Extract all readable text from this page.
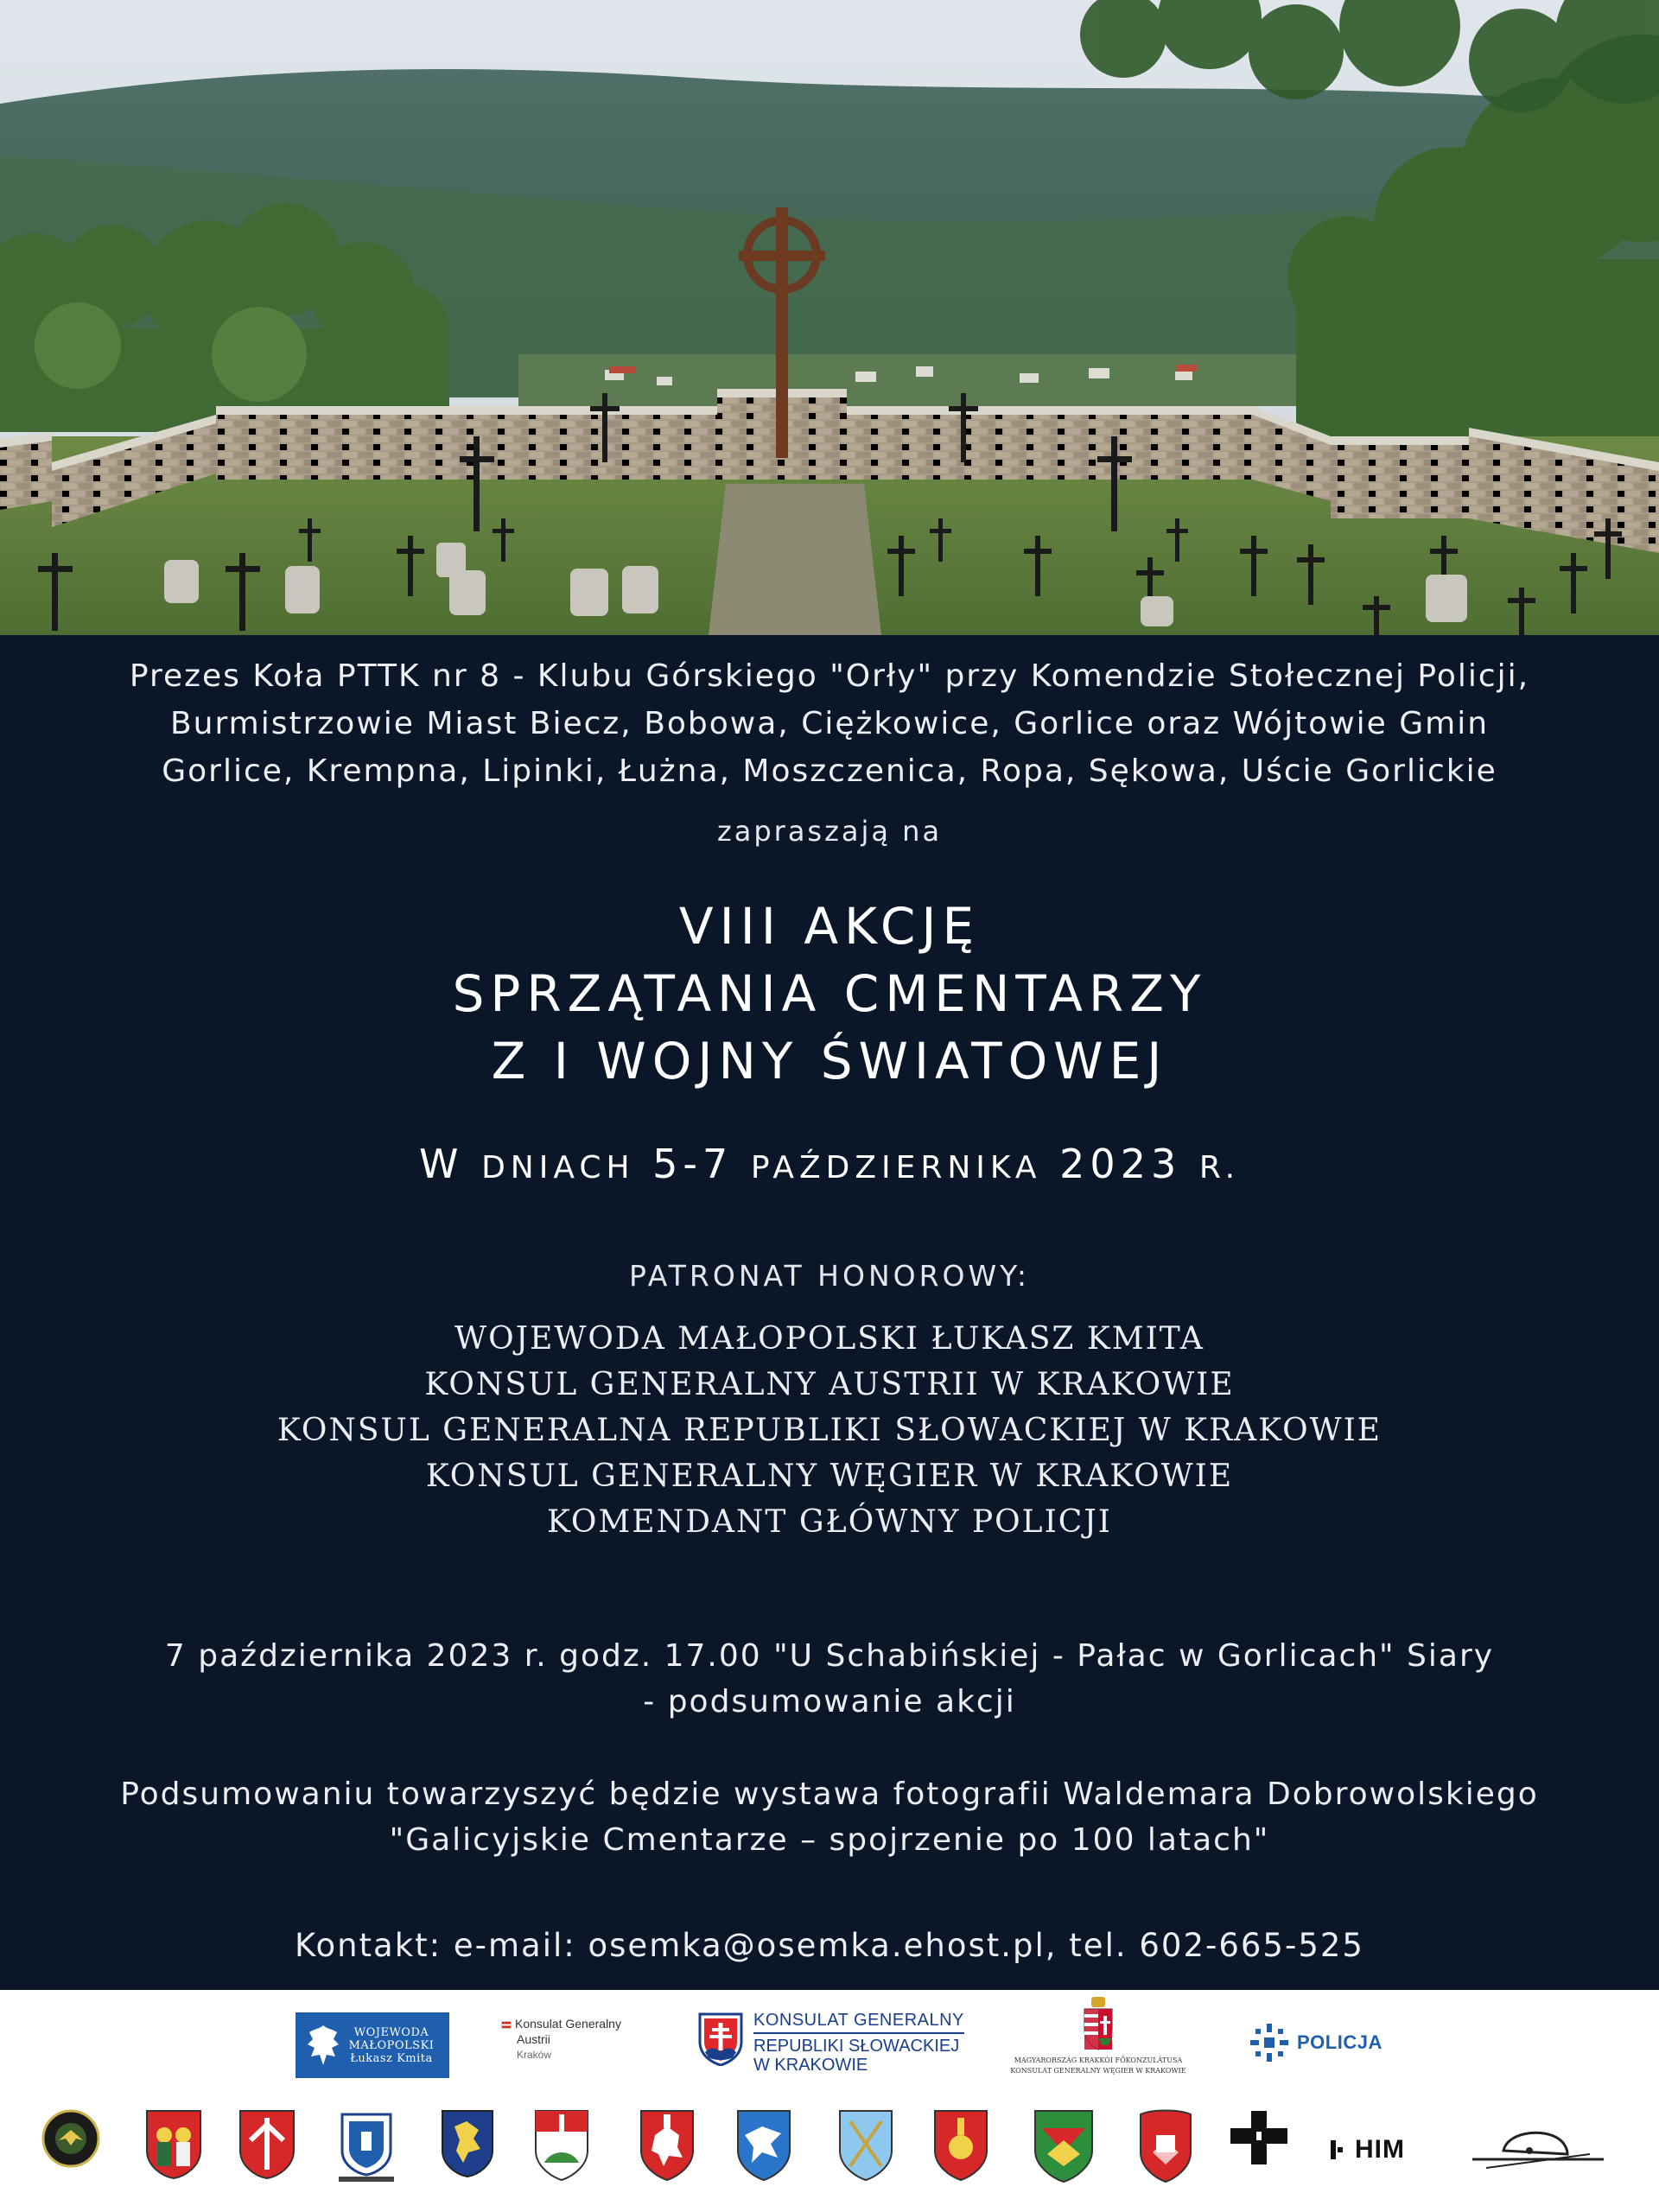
Prezes Koła PTTK nr 8 - Klubu Górskiego "Orły" przy Komendzie Stołecznej Policji,
Burmistrzowie Miast Biecz, Bobowa, Ciężkowice, Gorlice oraz Wójtowie Gmin
Gorlice, Krempna, Lipinki, Łużna, Moszczenica, Ropa, Sękowa, Uście Gorlickie
zapraszają na
VIII AKCJĘ
SPRZĄTANIA CMENTARZY
Z I WOJNY ŚWIATOWEJ
W DNIACH 5-7 PAŹDZIERNIKA 2023 R.
PATRONAT HONOROWY:
WOJEWODA MAŁOPOLSKI ŁUKASZ KMITA
KONSUL GENERALNY AUSTRII W KRAKOWIE
KONSUL GENERALNA REPUBLIKI SŁOWACKIEJ W KRAKOWIE
KONSUL GENERALNY WĘGIER W KRAKOWIE
KOMENDANT GŁÓWNY POLICJI
7 października 2023 r. godz. 17.00 "U Schabińskiej - Pałac w Gorlicach" Siary
- podsumowanie akcji
Podsumowaniu towarzyszyć będzie wystawa fotografii Waldemara Dobrowolskiego
"Galicyjskie Cmentarze – spojrzenie po 100 latach"
Kontakt: e-mail: osemka@osemka.ehost.pl, tel. 602-665-525
WOJEWODA
MAŁOPOLSKI
Łukasz Kmita
Konsulat Generalny
Austrii
Kraków
KONSULAT GENERALNY
REPUBLIKI SŁOWACKIEJ
W KRAKOWIE	MAGYARORSZÁG KRAKKÓI FŐKONZULÁTUSA
KONSULAT GENERALNY WĘGIER W KRAKOWIE
POLICJA
HIM
